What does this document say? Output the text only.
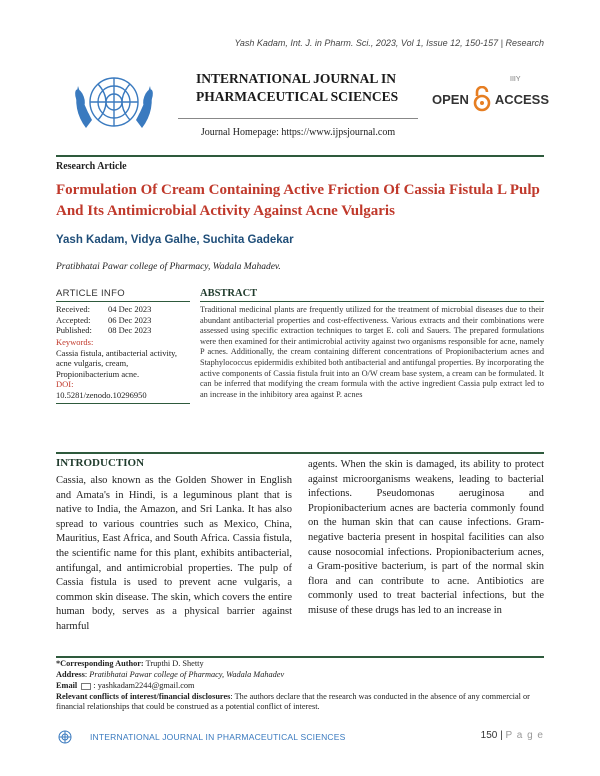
Yash Kadam, Int. J. in Pharm. Sci., 2023, Vol 1, Issue 12, 150-157 | Research
INTERNATIONAL JOURNAL IN PHARMACEUTICAL SCIENCES
Journal Homepage: https://www.ijpsjournal.com
OPEN ACCESS
IIIY
Research Article
Formulation Of Cream Containing Active Friction Of Cassia Fistula L Pulp And Its Antimicrobial Activity Against Acne Vulgaris
Yash Kadam, Vidya Galhe, Suchita Gadekar
Pratibhatai Pawar college of Pharmacy, Wadala Mahadev.
ARTICLE INFO
Received:	04 Dec 2023
Accepted:	06 Dec 2023
Published:	08 Dec 2023
Keywords:
Cassia fistula, antibacterial activity, acne vulgaris, cream, Propionibacterium acne.
DOI:
10.5281/zenodo.10296950
ABSTRACT
Traditional medicinal plants are frequently utilized for the treatment of microbial diseases due to their abundant antibacterial properties and cost-effectiveness. Various extracts and their combinations were assessed using specific extraction techniques to target E. coli and Sauers. The prepared formulations were then examined for their antimicrobial activity against two organisms responsible for acne, namely P acnes. Additionally, the cream containing different concentrations of Propionibacterium acnes and Staphylococcus epidermidis exhibited both antibacterial and antifungal properties. By incorporating the active components of Cassia fistula fruit into an O/W cream base system, a cream can be formulated. It can be inferred that modifying the cream formula with the active ingredient Cassia pulp extract led to an increase in the inhibitory area against P. acnes
INTRODUCTION
Cassia, also known as the Golden Shower in English and Amata's in Hindi, is a leguminous plant that is native to India, the Amazon, and Sri Lanka. It has also spread to various countries such as Mexico, China, Mauritius, East Africa, and South Africa. Cassia fistula, the scientific name for this plant, exhibits antibacterial, antifungal, and antimicrobial properties. The pulp of Cassia fistula is used to prevent acne vulgaris, a common skin disease. The skin, which covers the entire human body, serves as a physical barrier against harmful
agents. When the skin is damaged, its ability to protect against microorganisms weakens, leading to bacterial infections. Pseudomonas aeruginosa and Propionibacterium acnes are bacteria commonly found on the human skin that can cause infections. Gram-negative bacteria present in hospital facilities can also cause nosocomial infections. Propionibacterium acnes, a Gram-positive bacterium, is part of the normal skin flora and can contribute to acne. Antibiotics are commonly used to treat bacterial infections, but the misuse of these drugs has led to an increase in
*Corresponding Author: Trupthi D. Shetty
Address: Pratibhatai Pawar college of Pharmacy, Wadala Mahadev
Email : yashkadam2244@gmail.com
Relevant conflicts of interest/financial disclosures: The authors declare that the research was conducted in the absence of any commercial or financial relationships that could be construed as a potential conflict of interest.
INTERNATIONAL JOURNAL IN PHARMACEUTICAL SCIENCES	150 | P a g e
